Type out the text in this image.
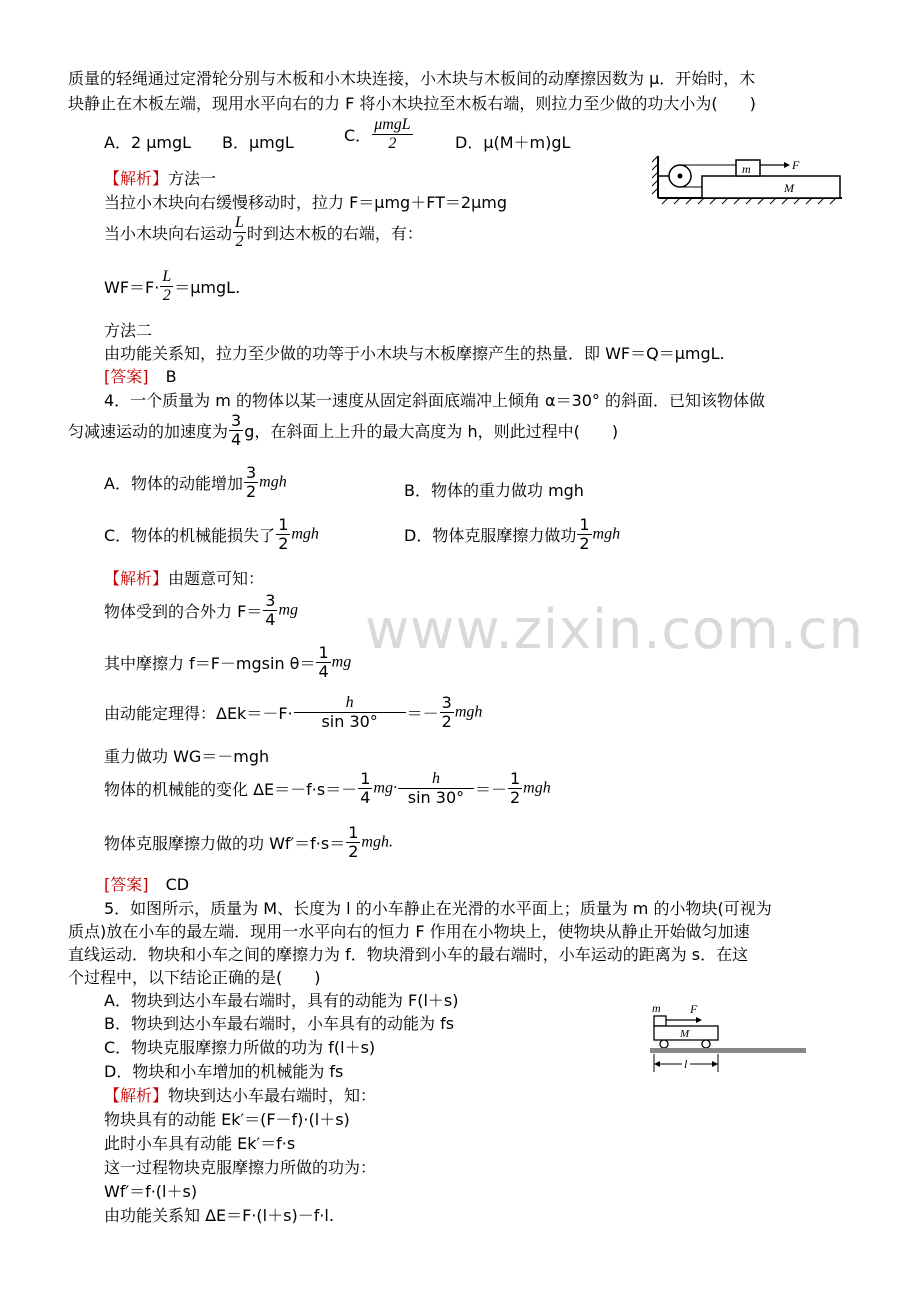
www.zixin.com.cn
质量的轻绳通过定滑轮分别与木板和小木块连接，小木块与木板间的动摩擦因数为 μ．开始时，木
块静止在木板左端，现用水平向右的力 F 将小木块拉至木板右端，则拉力至少做的功大小为(　　)
A．2 μmgL B．μmgL	C． $\frac{\text{μmgL}}{2}$	D．μ(M＋m)gL
m	F
M
【解析】方法一
当拉小木块向右缓慢移动时，拉力 F＝μmg＋FT＝2μmg
当小木块向右运动 $\frac{L}{2}$ 时到达木板的右端，有：
$WF=F\cdot \frac{L}{2} =\mu mgL$.
方法二
由功能关系知，拉力至少做的功等于小木块与木板摩擦产生的热量．即 WF＝Q＝μmgL.
[答案] B
4．一个质量为 m 的物体以某一速度从固定斜面底端冲上倾角 α＝30° 的斜面．已知该物体做
匀减速运动的加速度为 $\frac{3}{4}$ g，在斜面上上升的最大高度为 h，则此过程中(　　)
A．物体的动能增加 $\frac{3}{2}$ mgh	B．物体的重力做功 mgh
C．物体的机械能损失了 $\frac{1}{2}$ mgh	D．物体克服摩擦力做功 $\frac{1}{2}$ mgh
【解析】由题意可知：
物体受到的合外力 $F= \frac{3}{4}$ mg
其中摩擦力 f＝F－mgsin $\theta= \frac{1}{4}$ mg
由动能定理得：$\Delta Ek=-F\cdot \frac{h}{\sin 30^\circ} =- \frac{3}{2}$ mgh
重力做功 WG＝－mgh
物体的机械能的变化 $\Delta E=-f\cdot s=- \frac{1}{4} mg\cdot \frac{h}{\sin 30^\circ} =- \frac{1}{2}$ mgh
物体克服摩擦力做的功 $Wf'=f\cdot s= \frac{1}{2}$ mgh.
[答案] CD
5．如图所示，质量为 M、长度为 l 的小车静止在光滑的水平面上；质量为 m 的小物块(可视为
质点)放在小车的最左端．现用一水平向右的恒力 F 作用在小物块上，使物块从静止开始做匀加速
直线运动．物块和小车之间的摩擦力为 f．物块滑到小车的最右端时，小车运动的距离为 s．在这
个过程中，以下结论正确的是(　　)
A．物块到达小车最右端时，具有的动能为 F(l＋s)
B．物块到达小车最右端时，小车具有的动能为 fs
C．物块克服摩擦力所做的功为 f(l＋s)
D．物块和小车增加的机械能为 fs
m F
M
l
【解析】物块到达小车最右端时，知：
物块具有的动能 Ek′＝(F－f)·(l＋s)
此时小车具有动能 Ek′＝f·s
这一过程物块克服摩擦力所做的功为：
Wf′＝f·(l＋s)
由功能关系知 ΔE＝F·(l＋s)－f·l.
